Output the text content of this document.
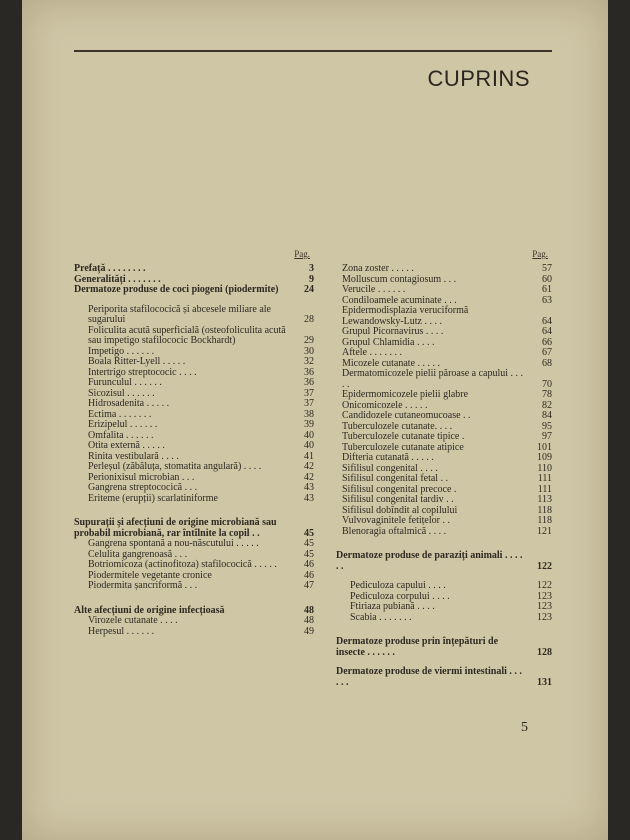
CUPRINS
Pag.
Prefață . . . . . . . .	3
Generalități . . . . . . .	9
Dermatoze produse de coci piogeni (piodermite)	24
Periporita stafilococică și abcesele miliare ale sugarului	28
Foliculita acută superficială (osteofoliculita acută sau impetigo stafilococic Bockhardt)	29
Impetigo . . . . . .	30
Boala Ritter-Lyell . . . . .	32
Intertrigo streptococic . . . .	36
Furunculul . . . . . .	36
Sicozisul . . . . . .	37
Hidrosadenita . . . . .	37
Ectima . . . . . . .	38
Erizipelul . . . . . .	39
Omfalita . . . . . .	40
Otita externă . . . . .	40
Rinita vestibulară . . . .	41
Perleșul (zăbăluța, stomatita angulară) . . . .	42
Perionixisul microbian . . .	42
Gangrena streptococică . . .	43
Eriteme (erupții) scarlatiniforme	43
Supurații și afecțiuni de origine microbiană sau probabil microbiană, rar întîlnite la copil . .	45
Gangrena spontană a nou-născutului . . . . .	45
Celulita gangrenoasă . . .	45
Botriomicoza (actinofitoza) stafilococică . . . . .	46
Piodermitele vegetante cronice	46
Piodermita șancriformă . . .	47
Alte afecțiuni de origine infecțioasă	48
Virozele cutanate . . . .	48
Herpesul . . . . . .	49
Pag.
Zona zoster . . . . .	57
Molluscum contagiosum . . .	60
Verucile . . . . . .	61
Condiloamele acuminate . . .	63
Epidermodisplazia veruciformă Lewandowsky-Lutz . . . .	64
Grupul Picornavirus . . . .	64
Grupul Chlamidia . . . .	66
Aftele . . . . . . .	67
Micozele cutanate . . . . .	68
Dermatomicozele pielii păroase a capului . . . . .	70
Epidermomicozele pielii glabre	78
Onicomicozele . . . . .	82
Candidozele cutaneomucoase . .	84
Tuberculozele cutanate. . . .	95
Tuberculozele cutanate tipice .	97
Tuberculozele cutanate atipice	101
Difteria cutanată . . . . .	109
Sifilisul congenital . . . .	110
Sifilisul congenital fetal . .	111
Sifilisul congenital precoce .	111
Sifilisul congenital tardiv . .	113
Sifilisul dobîndit al copilului	118
Vulvovaginitele fetițelor . .	118
Blenoragia oftalmică . . . .	121
Dermatoze produse de paraziți animali . . . . . .	122
Pediculoza capului . . . .	122
Pediculoza corpului . . . .	123
Ftiriaza pubiană . . . .	123
Scabia . . . . . . .	123
Dermatoze produse prin înțepături de insecte . . . . . .	128
Dermatoze produse de viermi intestinali . . . . . .	131
5
